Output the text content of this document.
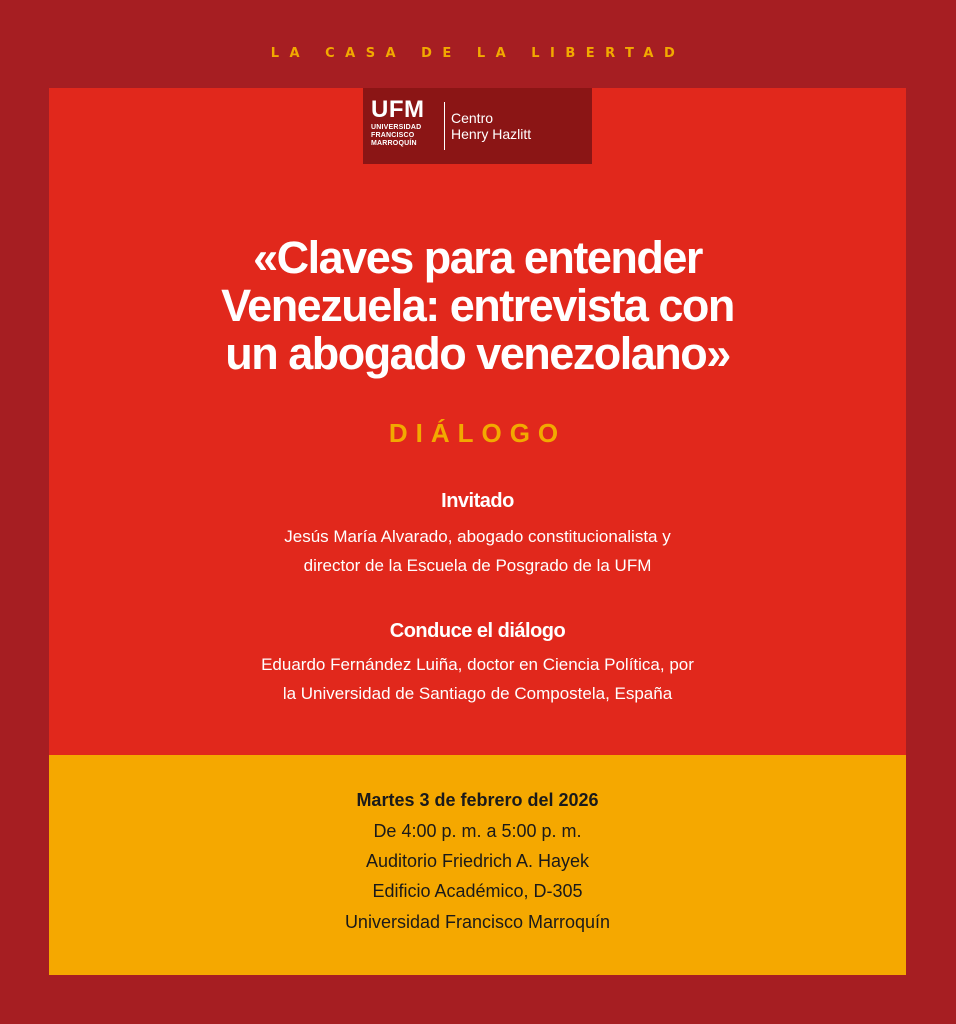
LA CASA DE LA LIBERTAD
UFM
UNIVERSIDAD
FRANCISCO
MARROQUÍN
Centro
Henry Hazlitt
«Claves para entender
Venezuela: entrevista con
un abogado venezolano»
DIÁLOGO
Invitado
Jesús María Alvarado, abogado constitucionalista y
director de la Escuela de Posgrado de la UFM
Conduce el diálogo
Eduardo Fernández Luiña, doctor en Ciencia Política, por
la Universidad de Santiago de Compostela, España
Martes 3 de febrero del 2026
De 4:00 p. m. a 5:00 p. m.
Auditorio Friedrich A. Hayek
Edificio Académico, D-305
Universidad Francisco Marroquín
